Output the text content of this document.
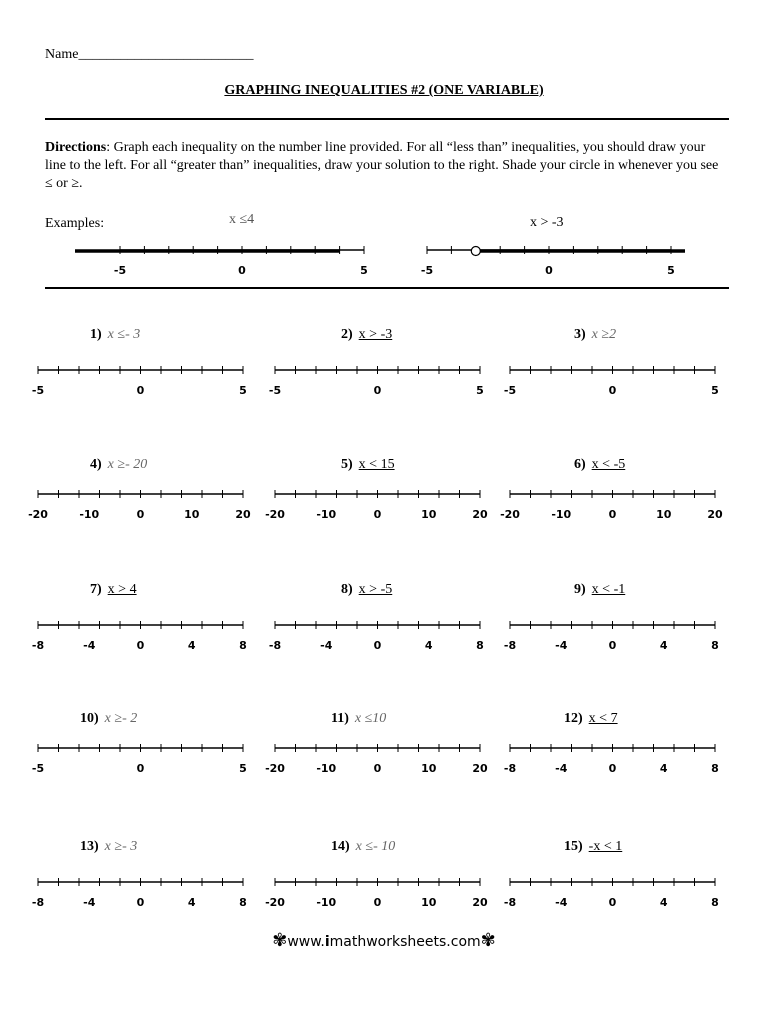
Name_________________________
GRAPHING INEQUALITIES #2 (ONE VARIABLE)
Directions: Graph each inequality on the number line provided. For all “less than” inequalities, you should draw your line to the left. For all “greater than” inequalities, draw your solution to the right. Shade your circle in whenever you see ≤ or ≥.
Examples:	x ≤4	x > -3
-5	0	5	-5	0	5
1) x ≤- 3
-5	0	5
2) x > -3
-5	0	5
3) x ≥2
-5	0	5
4) x ≥- 20
-20	-10	0	10	20
5) x < 15
-20	-10	0	10	20
6) x < -5
-20	-10	0	10	20
7) x > 4
-8	-4	0	4	8
8) x > -5
-8	-4	0	4	8
9) x < -1
-8	-4	0	4	8
10) x ≥- 2
-5	0	5
11) x ≤10
-20	-10	0	10	20
12) x < 7
-8	-4	0	4	8
13) x ≥- 3
-8	-4	0	4	8
14) x ≤- 10
-20	-10	0	10	20
15) -x < 1
-8	-4	0	4	8
✾www.imathworksheets.com✾
